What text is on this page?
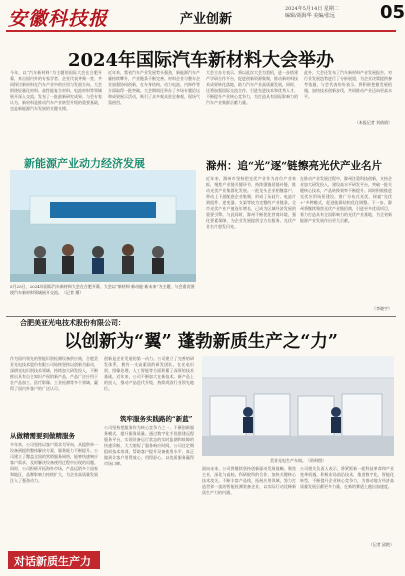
安徽科技报	产业创新
2024年5月14日 星期二
编辑/胡海华 美编/张远	05
2024年国际汽车新材料大会举办
今年，以“汽车新材料”为主题的国际大会在合肥开幕，来自国内外的专家学者、企业代表齐聚一堂，共同探讨新材料在汽车产业中的应用与发展方向。大会围绕轻量化材料、高性能复合材料、电池材料等领域展开深入交流，发布了一批最新研究成果。与会专家认为，新材料是推动汽车产业转型升级的重要基础，也是新能源汽车发展的关键支撑。
近年来，我省汽车产业发展势头强劲，新能源汽车产量持续攀升，产业链条不断完善。材料企业与整车企业加强协同创新，在车身结构、动力电池、内饰件等方面取得一批突破。大会期间还举办了多场专题论坛和成果展示活动，吸引了众多观众驻足参观，现场气氛热烈。
大会主办方表示，将以此次大会为契机，进一步搭建产学研合作平台，促进创新资源集聚，推动新材料技术成果转化落地，助力汽车产业高质量发展。同时，还将加强国际交流合作，引进先进技术和优秀人才，不断提升产业核心竞争力，为打造具有国际影响力的汽车产业集群贡献力量。
此外，大会还发布了汽车新材料产业发展报告，对行业发展趋势进行了分析展望，为企业决策提供参考依据。与会代表纷纷表示，将积极把握发展机遇，加快技术创新步伐，共同推动产业迈向更高水平。
（本报记者 刘倩倩）
新能源产业动力经济发展
5月25日，2024年国际汽车新材料大会在合肥开幕，大会以“新材料·新动能·新未来”为主题，与会嘉宾围绕汽车新材料领域展开交流。（记者 摄）
滁州：追“光”逐“链”
擦亮光伏产业名片
近年来，滁州市坚持把光伏产业作为首位产业来抓，聚焦产业链关键环节，持续强链延链补链，推动光伏产业集群化发展。一批龙头企业相继落户，带动上下游配套企业集聚，形成了从硅片、电池片到组件、逆变器、支架等较为完整的产业链条。全市光伏产业产值连年增长，已成为区域经济发展的重要引擎。与此同时，滁州不断优化营商环境，强化要素保障，为企业发展提供全方位服务，光伏产业名片愈发闪亮。
在推动产业发展过程中，滁州注重科技创新，支持企业加大研发投入，建设高水平研发平台，突破一批关键核心技术，产品转换效率不断提升。同时积极推进光伏应用场景建设，推广分布式光伏，探索“光伏+”多种模式，促进能源结构优化调整。下一步，滁州将继续聚焦光伏产业链招商，引进更多优质项目，着力打造具有全国影响力的光伏产业基地，为全省新能源产业发展作出更大贡献。
（李晓宇）
合肥美亚光电技术股份有限公司：
以创新为“翼” 蓬勃新质生产之“力”
作为国内领先的智能识别检测设备供应商，合肥美亚光电技术股份有限公司始终坚持以创新为驱动，深耕光电识别技术领域，持续加大研发投入，不断推出具有自主知识产权的新产品，产品广泛应用于农产品加工、医疗影像、工业检测等多个领域，赢得了国内外客户的广泛认可。
从做精需要到做精服务
多年来，公司坚持以客户需求为导向，从提供单一设备到提供整体解决方案，服务能力不断提升。公司建立了覆盖全国的营销服务网络，能够快速响应客户需求，及时解决设备使用过程中出现的问题。同时，公司积极开拓海外市场，产品远销多个国家和地区，品牌影响力持续扩大，为企业高质量发展注入了强劲动力。
创新是企业发展的第一动力。公司建立了完善的研发体系，拥有一支高素质的研发团队，在光电识别、图像处理、人工智能等方面积累了深厚的技术基础。近年来，公司不断加大在新技术、新产品上的投入，推动产品迭代升级，持续巩固行业领先地位。
筑牢服务实践路的“新蓝”
公司坚持把服务作为核心竞争力之一，不断创新服务模式，提升服务质量。通过数字化手段搭建远程服务平台，实现设备运行状态的实时监测和故障的快速诊断，大大缩短了服务响应时间。公司还定期组织技术培训，帮助客户提升设备使用水平，真正做到让客户用得放心、用得舒心，以优质服务赢得市场口碑。
美亚光电生产车间。（资料图）
面向未来，公司将继续坚持创新驱动发展战略，聚焦主业，深化与高校、科研院所的合作，加快关键核心技术攻关，不断丰富产品线，拓展应用领域，努力打造世界一流的智能检测装备企业，以实际行动诠释新质生产力的内涵。
公司相关负责人表示，将紧抓新一轮科技革命和产业变革机遇，积极布局前沿技术，推进数字化、智能化转型，不断提升企业核心竞争力，为推动地方经济高质量发展贡献更多力量，在新的赛道上跑出加速度。
（记者 邱艳）
对话新质生产力
